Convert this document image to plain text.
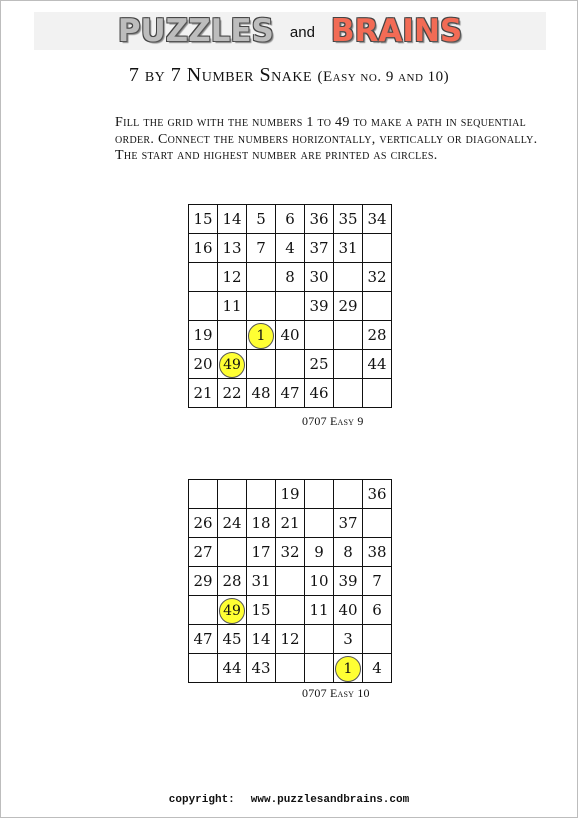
PUZZLES and BRAINS
7 by 7 Number Snake (Easy no. 9 and 10)
Fill the grid with the numbers 1 to 49 to make a path in sequential
order. Connect the numbers horizontally, vertically or diagonally.
The start and highest number are printed as circles.
15	14	5	6	36	35	34
16	13	7	4	37	31	
	12		8	30		32
	11			39	29	
19		1	40			28
20	49			25		44
21	22	48	47	46		
0707 Easy 9
			19			36
26	24	18	21		37	
27		17	32	9	8	38
29	28	31		10	39	7
	49	15		11	40	6
47	45	14	12		3	
	44	43			1	4
0707 Easy 10
copyright: www.puzzlesandbrains.com
